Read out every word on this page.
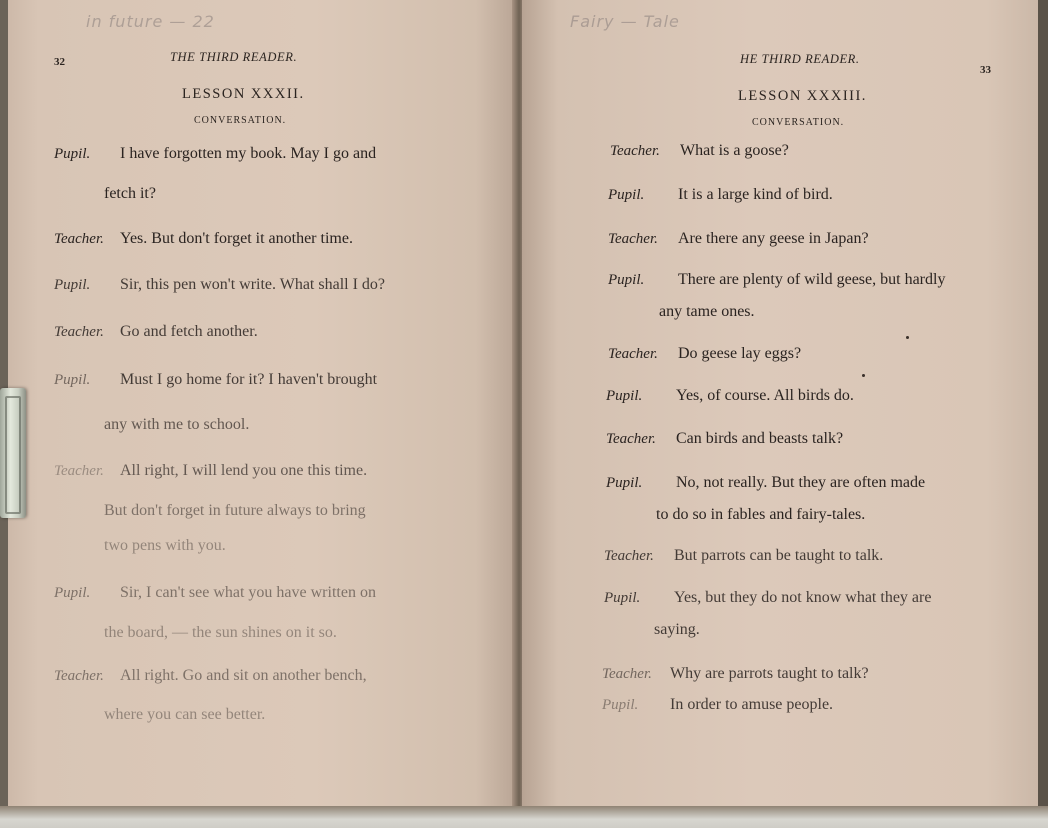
in future — 22
32	THE THIRD READER.
LESSON XXXII.
CONVERSATION.
Pupil. I have forgotten my book. May I go and
fetch it?
Teacher. Yes. But don't forget it another time.
Pupil. Sir, this pen won't write. What shall I do?
Teacher. Go and fetch another.
Pupil. Must I go home for it? I haven't brought
any with me to school.
Teacher. All right, I will lend you one this time.
But don't forget in future always to bring
two pens with you.
Pupil. Sir, I can't see what you have written on
the board, — the sun shines on it so.
Teacher. All right. Go and sit on another bench,
where you can see better.
Fairy — Tale
HE THIRD READER.
33
LESSON XXXIII.
CONVERSATION.
Teacher. What is a goose?
Pupil. It is a large kind of bird.
Teacher. Are there any geese in Japan?
Pupil. There are plenty of wild geese, but hardly
any tame ones.
Teacher. Do geese lay eggs?
Pupil. Yes, of course. All birds do.
Teacher. Can birds and beasts talk?
Pupil. No, not really. But they are often made
to do so in fables and fairy-tales.
Teacher. But parrots can be taught to talk.
Pupil. Yes, but they do not know what they are
saying.
Teacher. Why are parrots taught to talk?
Pupil. In order to amuse people.
